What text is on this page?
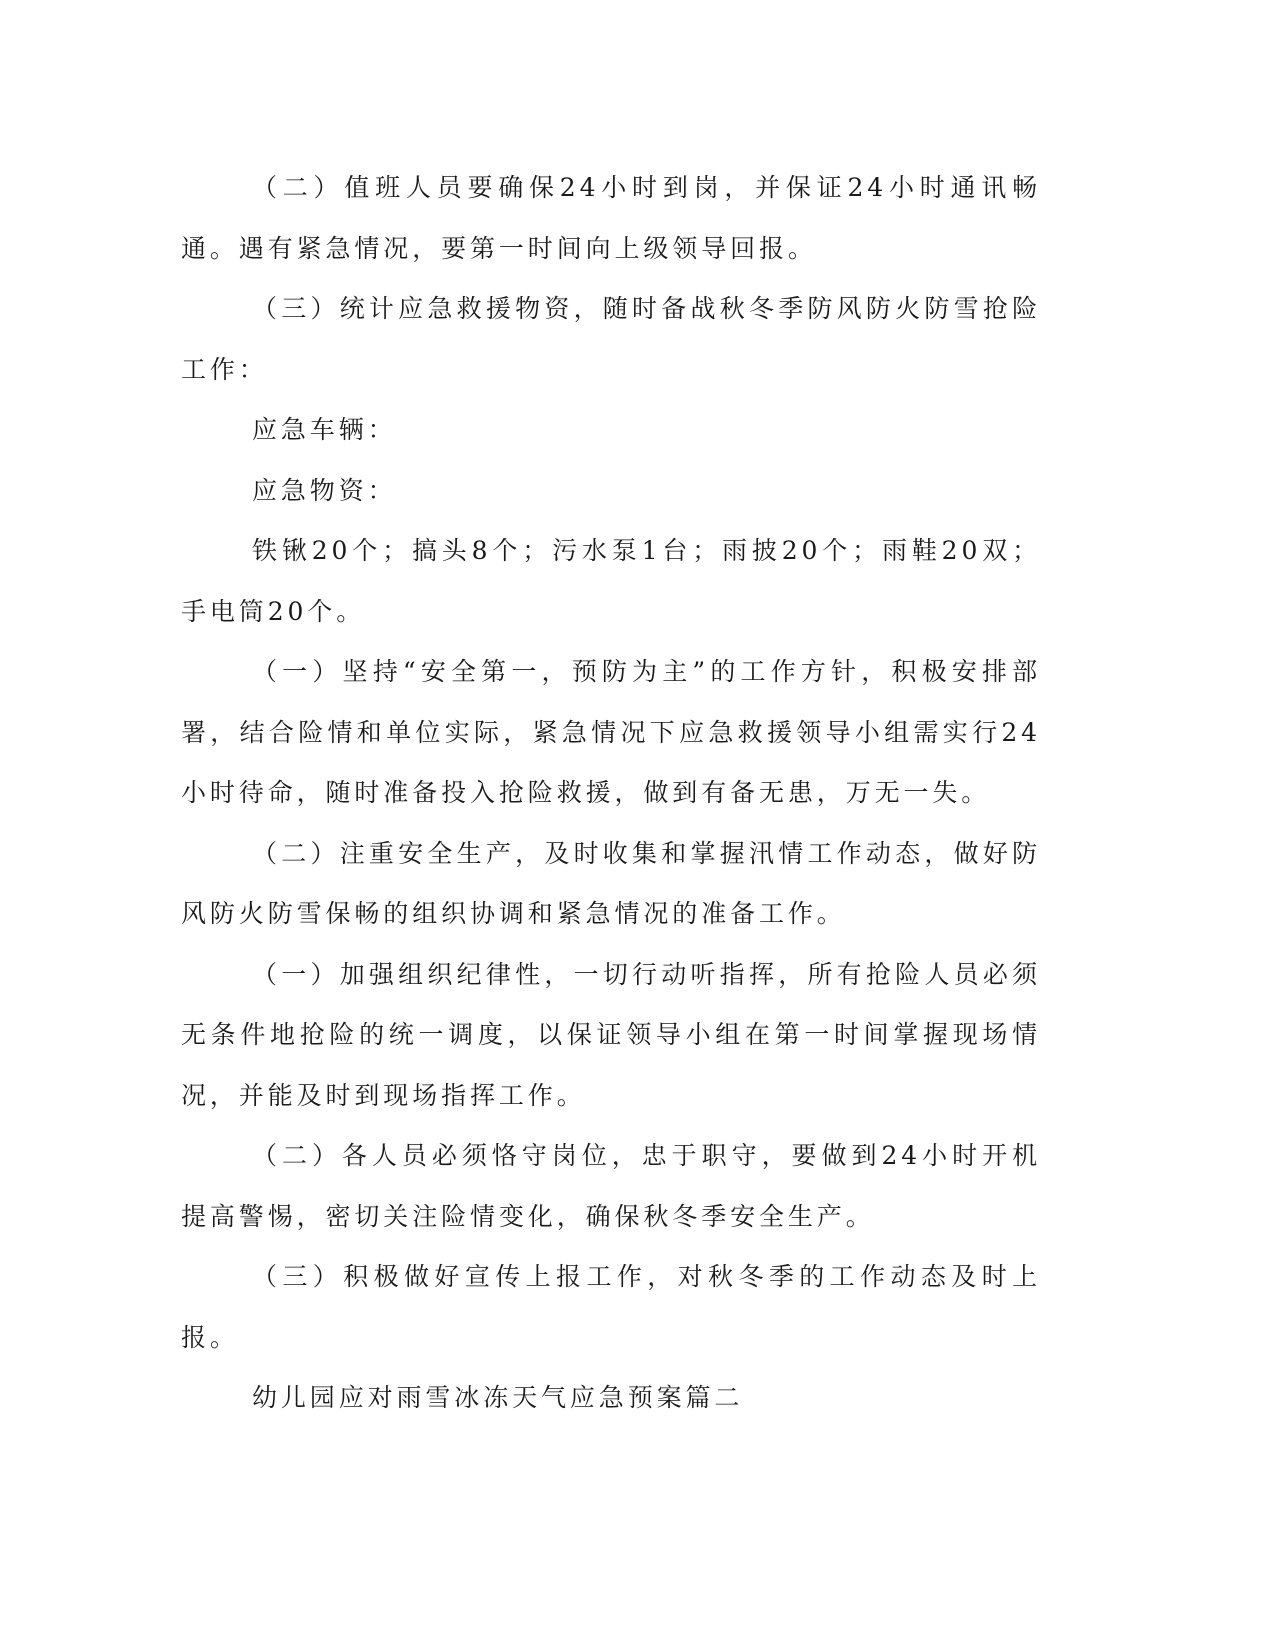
（二）值班人员要确保24小时到岗，并保证24小时通讯畅通。遇有紧急情况，要第一时间向上级领导回报。

（三）统计应急救援物资，随时备战秋冬季防风防火防雪抢险工作：

应急车辆：

应急物资：

铁锹20个；搞头8个；污水泵1台；雨披20个；雨鞋20双；手电筒20个。

（一）坚持“安全第一，预防为主”的工作方针，积极安排部署，结合险情和单位实际，紧急情况下应急救援领导小组需实行24小时待命，随时准备投入抢险救援，做到有备无患，万无一失。

（二）注重安全生产，及时收集和掌握汛情工作动态，做好防风防火防雪保畅的组织协调和紧急情况的准备工作。

（一）加强组织纪律性，一切行动听指挥，所有抢险人员必须无条件地抢险的统一调度，以保证领导小组在第一时间掌握现场情况，并能及时到现场指挥工作。

（二）各人员必须恪守岗位，忠于职守，要做到24小时开机提高警惕，密切关注险情变化，确保秋冬季安全生产。

（三）积极做好宣传上报工作，对秋冬季的工作动态及时上报。

幼儿园应对雨雪冰冻天气应急预案篇二
